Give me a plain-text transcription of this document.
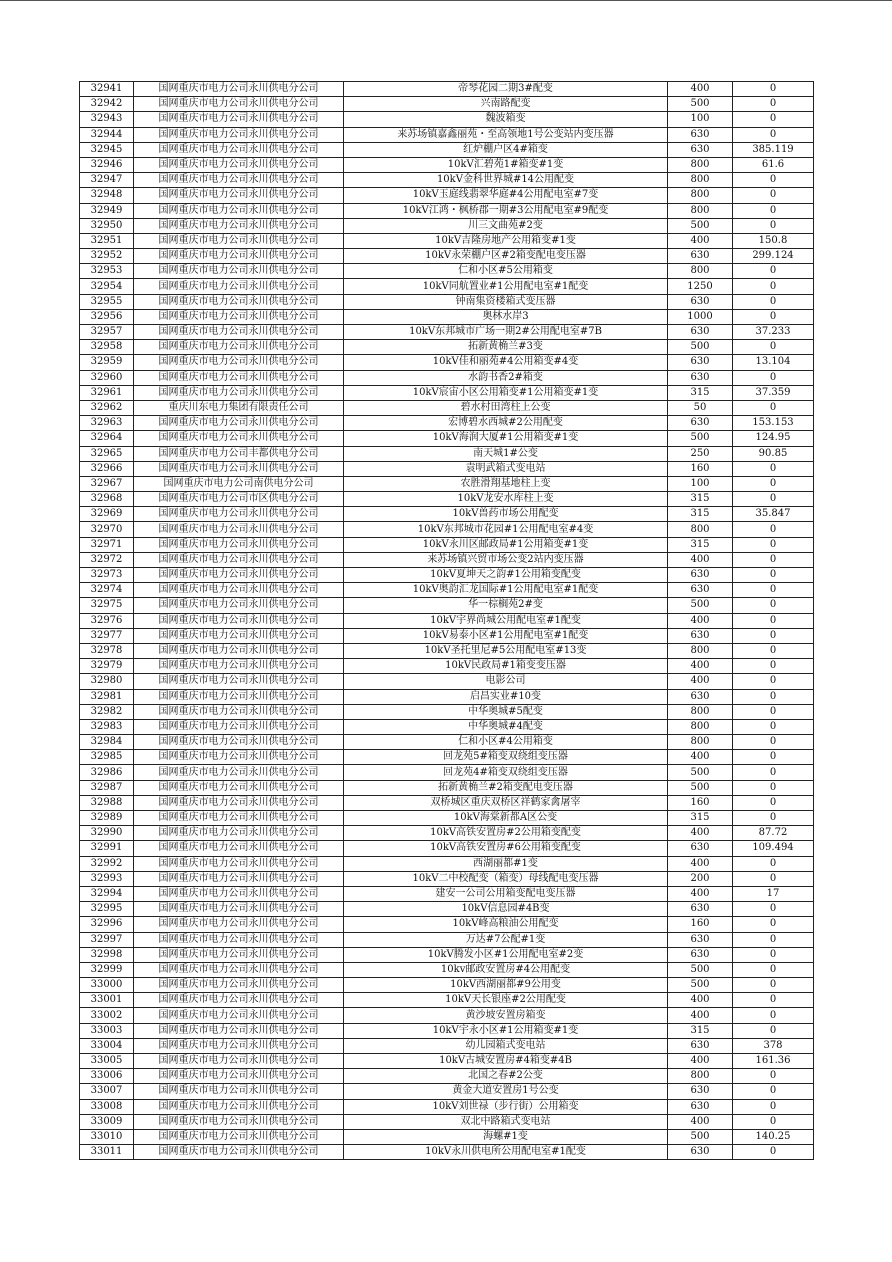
32941	国网重庆市电力公司永川供电分公司	帝琴花园二期3#配变	400	0
32942	国网重庆市电力公司永川供电分公司	兴南路配变	500	0
32943	国网重庆市电力公司永川供电分公司	魏波箱变	100	0
32944	国网重庆市电力公司永川供电分公司	来苏场镇嘉鑫丽苑・至高领地1号公变站内变压器	630	0
32945	国网重庆市电力公司永川供电分公司	红炉棚户区4#箱变	630	385.119
32946	国网重庆市电力公司永川供电分公司	10kV汇碧苑1#箱变#1变	800	61.6
32947	国网重庆市电力公司永川供电分公司	10kV金科世界城#14公用配变	800	0
32948	国网重庆市电力公司永川供电分公司	10kV玉庭线翡翠华庭#4公用配电室#7变	800	0
32949	国网重庆市电力公司永川供电分公司	10kV江鸿・枫桥郡一期#3公用配电室#9配变	800	0
32950	国网重庆市电力公司永川供电分公司	川三文曲苑#2变	500	0
32951	国网重庆市电力公司永川供电分公司	10kV吉隆房地产公用箱变#1变	400	150.8
32952	国网重庆市电力公司永川供电分公司	10kV永荣棚户区#2箱变配电变压器	630	299.124
32953	国网重庆市电力公司永川供电分公司	仁和小区#5公用箱变	800	0
32954	国网重庆市电力公司永川供电分公司	10kV同航置业#1公用配电室#1配变	1250	0
32955	国网重庆市电力公司永川供电分公司	钟南集资楼箱式变压器	630	0
32956	国网重庆市电力公司永川供电分公司	奥林水岸3	1000	0
32957	国网重庆市电力公司永川供电分公司	10kV东邦城市广场一期2#公用配电室#7B	630	37.233
32958	国网重庆市电力公司永川供电分公司	拓新黄桷兰#3变	500	0
32959	国网重庆市电力公司永川供电分公司	10kV佳和丽苑#4公用箱变#4变	630	13.104
32960	国网重庆市电力公司永川供电分公司	水韵书香2#箱变	630	0
32961	国网重庆市电力公司永川供电分公司	10kV宸宙小区公用箱变#1公用箱变#1变	315	37.359
32962	重庆川东电力集团有限责任公司	碧水村田湾柱上公变	50	0
32963	国网重庆市电力公司永川供电分公司	宏博碧水西城#2公用配变	630	153.153
32964	国网重庆市电力公司永川供电分公司	10kV海润大厦#1公用箱变#1变	500	124.95
32965	国网重庆市电力公司丰都供电分公司	南天城1#公变	250	90.85
32966	国网重庆市电力公司永川供电分公司	袁明武箱式变电站	160	0
32967	国网重庆市电力公司南供电分公司	农胜滑翔基地柱上变	100	0
32968	国网重庆市电力公司市区供电分公司	10kV龙安水库柱上变	315	0
32969	国网重庆市电力公司永川供电分公司	10kV兽药市场公用配变	315	35.847
32970	国网重庆市电力公司永川供电分公司	10kV东邦城市花园#1公用配电室#4变	800	0
32971	国网重庆市电力公司永川供电分公司	10kV永川区邮政局#1公用箱变#1变	315	0
32972	国网重庆市电力公司永川供电分公司	来苏场镇兴贸市场公变2站内变压器	400	0
32973	国网重庆市电力公司永川供电分公司	10kV夏坤天之韵#1公用箱变配变	630	0
32974	国网重庆市电力公司永川供电分公司	10kV奥韵汇龙国际#1公用配电室#1配变	630	0
32975	国网重庆市电力公司永川供电分公司	华一棕榈苑2#变	500	0
32976	国网重庆市电力公司永川供电分公司	10kV宇界尚城公用配电室#1配变	400	0
32977	国网重庆市电力公司永川供电分公司	10kV易泰小区#1公用配电室#1配变	630	0
32978	国网重庆市电力公司永川供电分公司	10kV圣托里尼#5公用配电室#13变	800	0
32979	国网重庆市电力公司永川供电分公司	10kV民政局#1箱变变压器	400	0
32980	国网重庆市电力公司永川供电分公司	电影公司	400	0
32981	国网重庆市电力公司永川供电分公司	启昌实业#10变	630	0
32982	国网重庆市电力公司永川供电分公司	中华奥城#5配变	800	0
32983	国网重庆市电力公司永川供电分公司	中华奥城#4配变	800	0
32984	国网重庆市电力公司永川供电分公司	仁和小区#4公用箱变	800	0
32985	国网重庆市电力公司永川供电分公司	回龙苑5#箱变双绕组变压器	400	0
32986	国网重庆市电力公司永川供电分公司	回龙苑4#箱变双绕组变压器	500	0
32987	国网重庆市电力公司永川供电分公司	拓新黄桷兰#2箱变配电变压器	500	0
32988	国网重庆市电力公司永川供电分公司	双桥城区重庆双桥区祥鹤家禽屠宰	160	0
32989	国网重庆市电力公司永川供电分公司	10kV海棠新都A区公变	315	0
32990	国网重庆市电力公司永川供电分公司	10kV高铁安置房#2公用箱变配变	400	87.72
32991	国网重庆市电力公司永川供电分公司	10kV高铁安置房#6公用箱变配变	630	109.494
32992	国网重庆市电力公司永川供电分公司	西湖丽都#1变	400	0
32993	国网重庆市电力公司永川供电分公司	10kV二中校配变（箱变）母线配电变压器	200	0
32994	国网重庆市电力公司永川供电分公司	建安一公司公用箱变配电变压器	400	17
32995	国网重庆市电力公司永川供电分公司	10kV信息园#4B变	630	0
32996	国网重庆市电力公司永川供电分公司	10kV峰高粮油公用配变	160	0
32997	国网重庆市电力公司永川供电分公司	万达#7公配#1变	630	0
32998	国网重庆市电力公司永川供电分公司	10kV腾发小区#1公用配电室#2变	630	0
32999	国网重庆市电力公司永川供电分公司	10kv邮政安置房#4公用配变	500	0
33000	国网重庆市电力公司永川供电分公司	10kV西湖丽都#9公用变	500	0
33001	国网重庆市电力公司永川供电分公司	10kV天长银座#2公用配变	400	0
33002	国网重庆市电力公司永川供电分公司	黄沙坡安置房箱变	400	0
33003	国网重庆市电力公司永川供电分公司	10kV宇永小区#1公用箱变#1变	315	0
33004	国网重庆市电力公司永川供电分公司	幼儿园箱式变电站	630	378
33005	国网重庆市电力公司永川供电分公司	10kV古城安置房#4箱变#4B	400	161.36
33006	国网重庆市电力公司永川供电分公司	北国之春#2公变	800	0
33007	国网重庆市电力公司永川供电分公司	黄金大道安置房1号公变	630	0
33008	国网重庆市电力公司永川供电分公司	10kV刘世禄（步行街）公用箱变	630	0
33009	国网重庆市电力公司永川供电分公司	双北中路箱式变电站	400	0
33010	国网重庆市电力公司永川供电分公司	海螺#1变	500	140.25
33011	国网重庆市电力公司永川供电分公司	10kV永川供电所公用配电室#1配变	630	0
